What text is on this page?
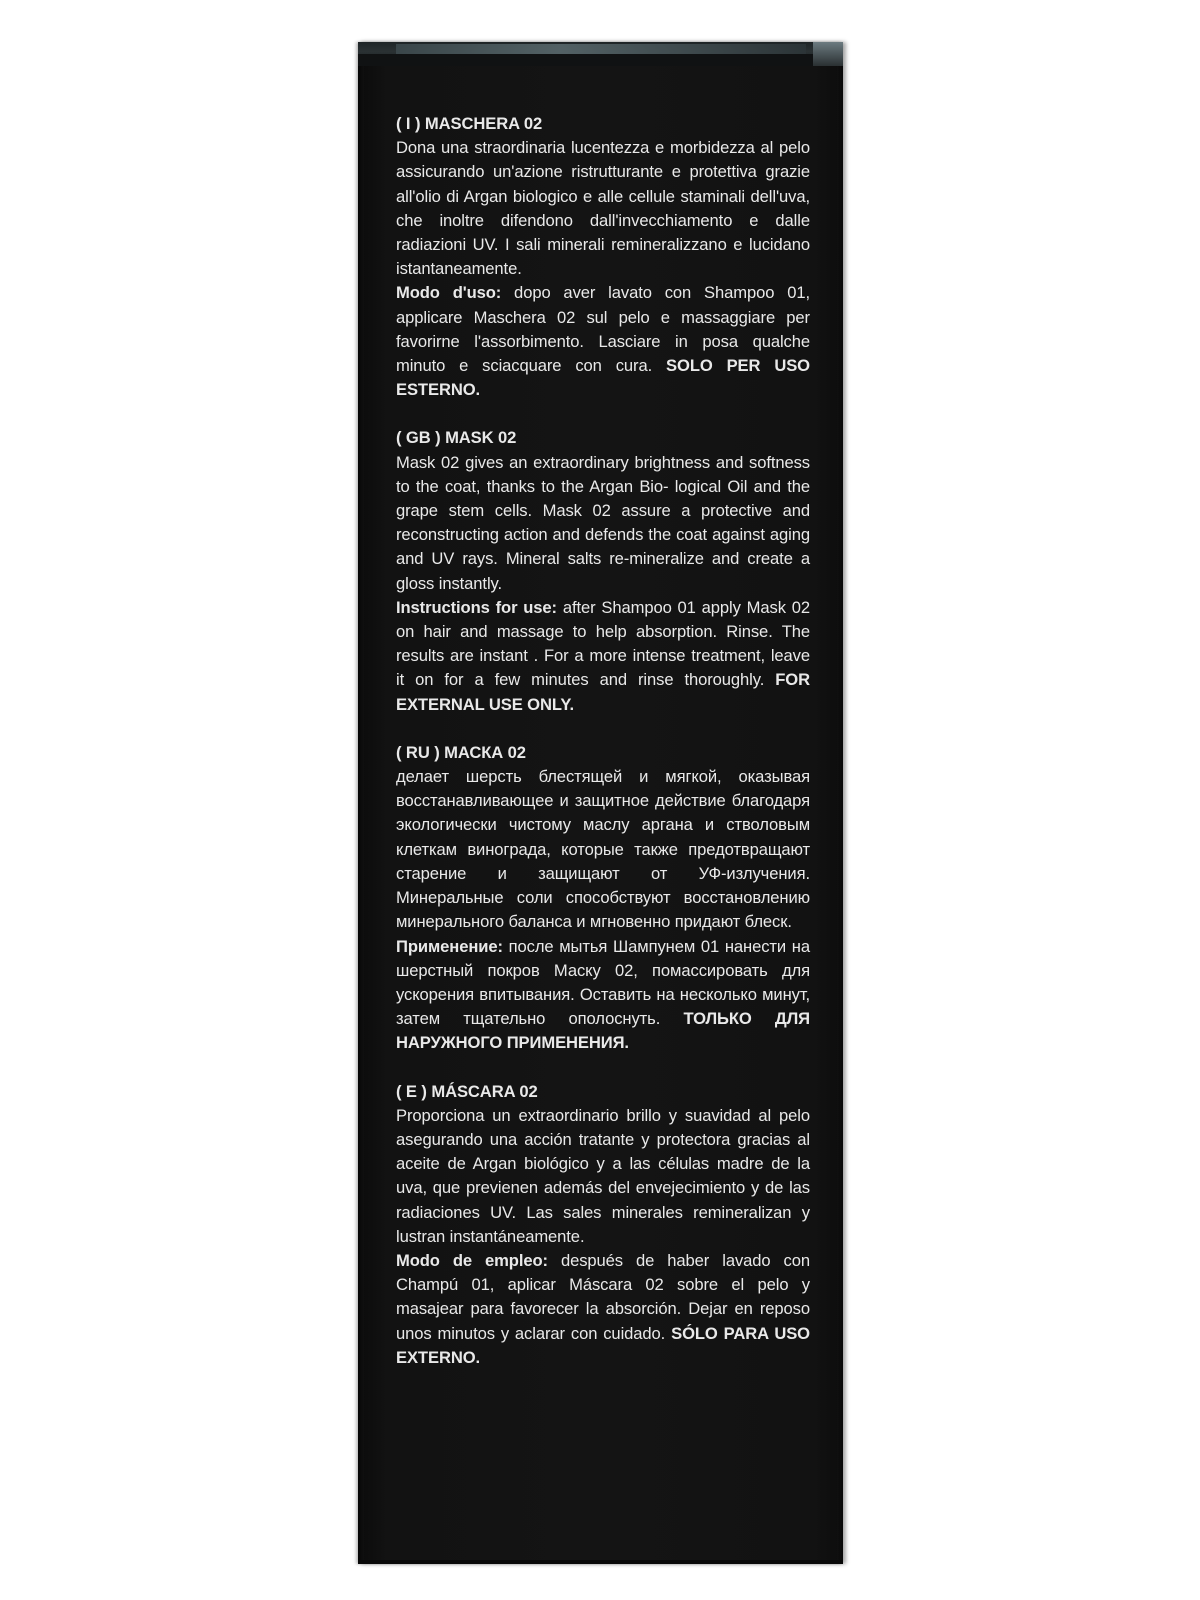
( I ) MASCHERA 02

Dona una straordinaria lucentezza e morbidezza al pelo assicurando un'azione ristrutturante e protettiva grazie all'olio di Argan biologico e alle cellule staminali dell'uva, che inoltre difendono dall'invecchiamento e dalle radiazioni UV. I sali minerali remineralizzano e lucidano istantaneamente.

Modo d'uso: dopo aver lavato con Shampoo 01, applicare Maschera 02 sul pelo e massaggiare per favorirne l'assorbimento. Lasciare in posa qualche minuto e sciacquare con cura. SOLO PER USO ESTERNO.

( GB ) MASK 02

Mask 02 gives an extraordinary brightness and softness to the coat, thanks to the Argan Bio- logical Oil and the grape stem cells. Mask 02 assure a protective and reconstructing action and defends the coat against aging and UV rays. Mineral salts re-mineralize and create a gloss instantly.

Instructions for use: after Shampoo 01 apply Mask 02 on hair and massage to help absorption. Rinse. The results are instant . For a more intense treatment, leave it on for a few minutes and rinse thoroughly. FOR EXTERNAL USE ONLY.

( RU ) МАСКА 02

делает шерсть блестящей и мягкой, оказывая восстанавливающее и защитное действие благодаря экологически чистому маслу аргана и стволовым клеткам винограда, которые также предотвращают старение и защищают от УФ-излучения. Минеральные соли способствуют восстановлению минерального баланса и мгновенно придают блеск.

Применение: после мытья Шампунем 01 нанести на шерстный покров Маску 02, помассировать для ускорения впитывания. Оставить на несколько минут, затем тщательно ополоснуть. ТОЛЬКО ДЛЯ НАРУЖНОГО ПРИМЕНЕНИЯ.

( E ) MÁSCARA 02

Proporciona un extraordinario brillo y suavidad al pelo asegurando una acción tratante y protectora gracias al aceite de Argan biológico y a las células madre de la uva, que previenen además del envejecimiento y de las radiaciones UV. Las sales minerales remineralizan y lustran instantáneamente.

Modo de empleo: después de haber lavado con Champú 01, aplicar Máscara 02 sobre el pelo y masajear para favorecer la absorción. Dejar en reposo unos minutos y aclarar con cuidado. SÓLO PARA USO EXTERNO.
